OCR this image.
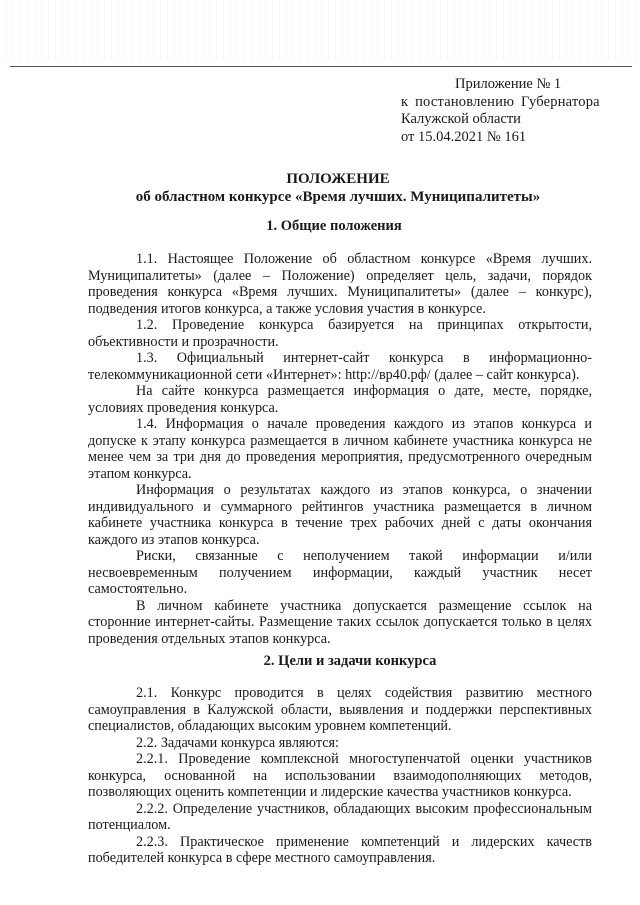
Приложение № 1
к постановлению Губернатора
Калужской области
от 15.04.2021 № 161
ПОЛОЖЕНИЕ
об областном конкурсе «Время лучших. Муниципалитеты»
1. Общие положения

1.1. Настоящее Положение об областном конкурсе «Время лучших. Муниципалитеты» (далее – Положение) определяет цель, задачи, порядок проведения конкурса «Время лучших. Муниципалитеты» (далее – конкурс), подведения итогов конкурса, а также условия участия в конкурсе.

1.2. Проведение конкурса базируется на принципах открытости, объективности и прозрачности.

1.3. Официальный интернет-сайт конкурса в информационно-телекоммуникационной сети «Интернет»: http://вр40.рф/ (далее – сайт конкурса).

На сайте конкурса размещается информация о дате, месте, порядке, условиях проведения конкурса.

1.4. Информация о начале проведения каждого из этапов конкурса и допуске к этапу конкурса размещается в личном кабинете участника конкурса не менее чем за три дня до проведения мероприятия, предусмотренного очередным этапом конкурса.

Информация о результатах каждого из этапов конкурса, о значении индивидуального и суммарного рейтингов участника размещается в личном кабинете участника конкурса в течение трех рабочих дней с даты окончания каждого из этапов конкурса.

Риски, связанные с неполучением такой информации и/или несвоевременным получением информации, каждый участник несет самостоятельно.

В личном кабинете участника допускается размещение ссылок на сторонние интернет-сайты. Размещение таких ссылок допускается только в целях проведения отдельных этапов конкурса.

2. Цели и задачи конкурса

2.1. Конкурс проводится в целях содействия развитию местного самоуправления в Калужской области, выявления и поддержки перспективных специалистов, обладающих высоким уровнем компетенций.

2.2. Задачами конкурса являются:

2.2.1. Проведение комплексной многоступенчатой оценки участников конкурса, основанной на использовании взаимодополняющих методов, позволяющих оценить компетенции и лидерские качества участников конкурса.

2.2.2. Определение участников, обладающих высоким профессиональным потенциалом.

2.2.3. Практическое применение компетенций и лидерских качеств победителей конкурса в сфере местного самоуправления.
